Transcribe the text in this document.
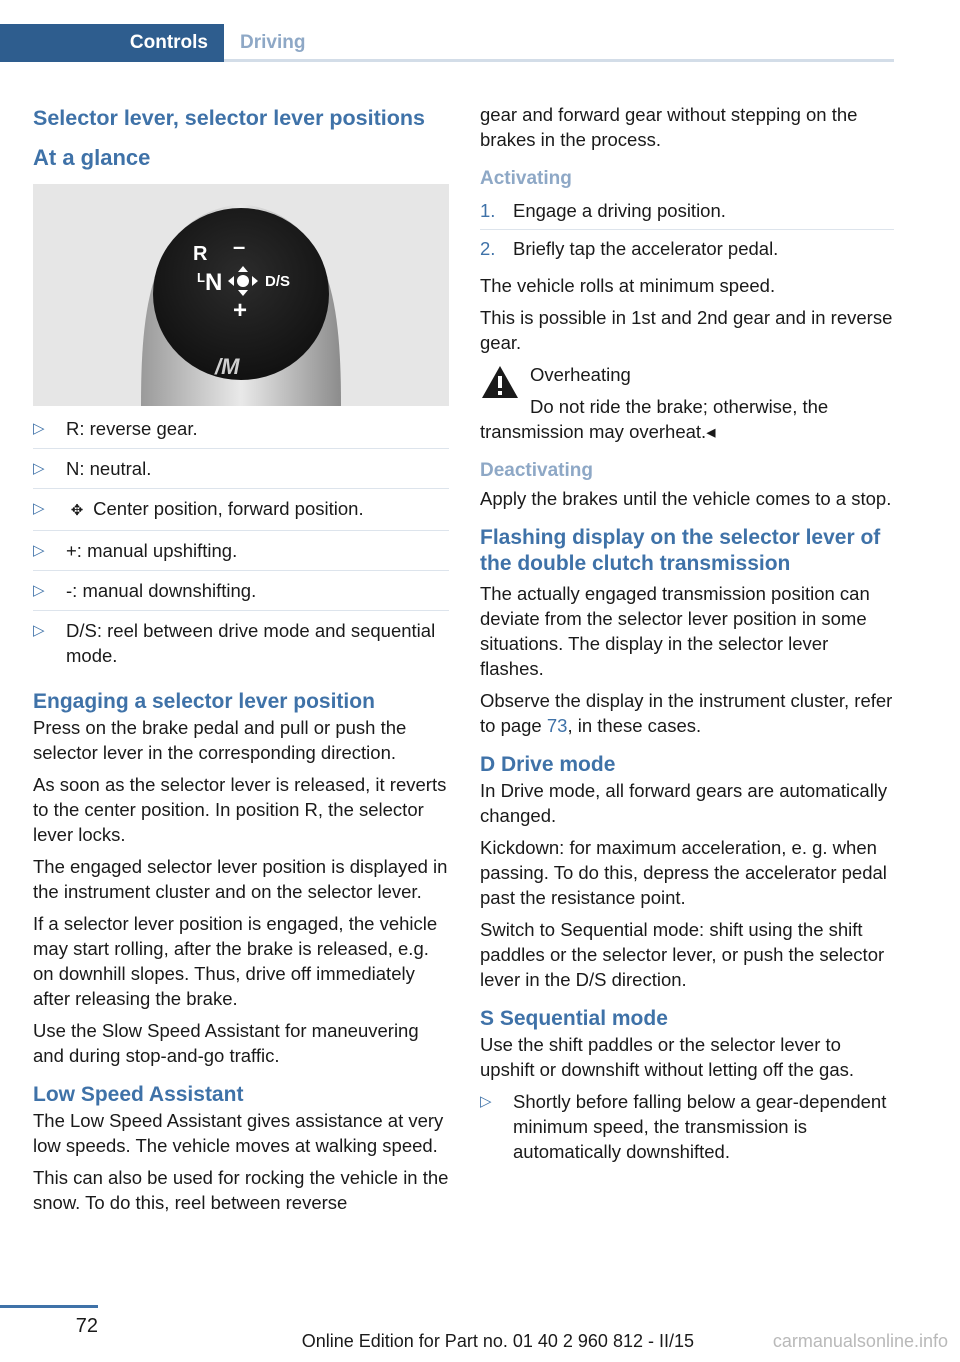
Controls	Driving
Selector lever, selector lever positions
At a glance
R –
L N	D/S
+
/M
▷ R: reverse gear.
▷ N: neutral.
▷ ✥ Center position, forward position.
▷ +: manual upshifting.
▷ -: manual downshifting.
▷ D/S: reel between drive mode and sequential mode.
Engaging a selector lever position

Press on the brake pedal and pull or push the selector lever in the corresponding direction.

As soon as the selector lever is released, it reverts to the center position. In position R, the selector lever locks.

The engaged selector lever position is displayed in the instrument cluster and on the selector lever.

If a selector lever position is engaged, the vehicle may start rolling, after the brake is released, e.g. on downhill slopes. Thus, drive off immediately after releasing the brake.

Use the Slow Speed Assistant for maneuvering and during stop-and-go traffic.

Low Speed Assistant

The Low Speed Assistant gives assistance at very low speeds. The vehicle moves at walking speed.

This can also be used for rocking the vehicle in the snow. To do this, reel between reverse

gear and forward gear without stepping on the brakes in the process.

Activating
1. Engage a driving position.
2. Briefly tap the accelerator pedal.

The vehicle rolls at minimum speed.

This is possible in 1st and 2nd gear and in reverse gear.

Overheating
Do not ride the brake; otherwise, the
transmission may overheat.◂
Deactivating

Apply the brakes until the vehicle comes to a stop.

Flashing display on the selector lever of the double clutch transmission

The actually engaged transmission position can deviate from the selector lever position in some situations. The display in the selector lever flashes.

Observe the display in the instrument cluster, refer to page 73, in these cases.

D Drive mode

In Drive mode, all forward gears are automatically changed.

Kickdown: for maximum acceleration, e. g. when passing. To do this, depress the accelerator pedal past the resistance point.

Switch to Sequential mode: shift using the shift paddles or the selector lever, or push the selector lever in the D/S direction.

S Sequential mode

Use the shift paddles or the selector lever to upshift or downshift without letting off the gas.

▷ Shortly before falling below a gear-dependent minimum speed, the transmission is automatically downshifted.
72
Online Edition for Part no. 01 40 2 960 812 - II/15	carmanualsonline.info
